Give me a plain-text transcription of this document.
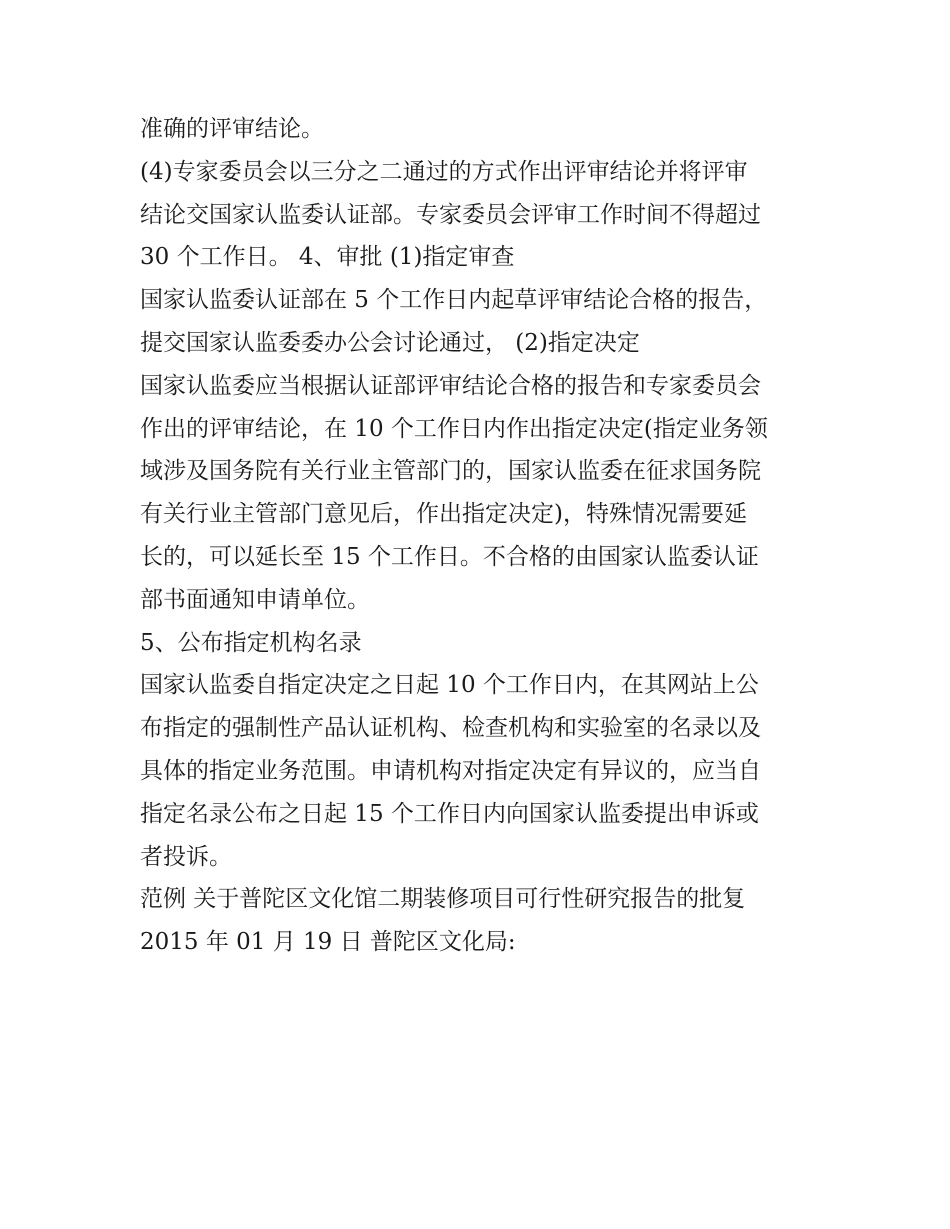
准确的评审结论。
(4)专家委员会以三分之二通过的方式作出评审结论并将评审
结论交国家认监委认证部。专家委员会评审工作时间不得超过
30 个工作日。 4、审批 (1)指定审查
国家认监委认证部在 5 个工作日内起草评审结论合格的报告，
提交国家认监委委办公会讨论通过， (2)指定决定
国家认监委应当根据认证部评审结论合格的报告和专家委员会
作出的评审结论，在 10 个工作日内作出指定决定(指定业务领
域涉及国务院有关行业主管部门的，国家认监委在征求国务院
有关行业主管部门意见后，作出指定决定)，特殊情况需要延
长的，可以延长至 15 个工作日。不合格的由国家认监委认证
部书面通知申请单位。
5、公布指定机构名录
国家认监委自指定决定之日起 10 个工作日内，在其网站上公
布指定的强制性产品认证机构、检查机构和实验室的名录以及
具体的指定业务范围。申请机构对指定决定有异议的，应当自
指定名录公布之日起 15 个工作日内向国家认监委提出申诉或
者投诉。
范例 关于普陀区文化馆二期装修项目可行性研究报告的批复
2015 年 01 月 19 日 普陀区文化局:
